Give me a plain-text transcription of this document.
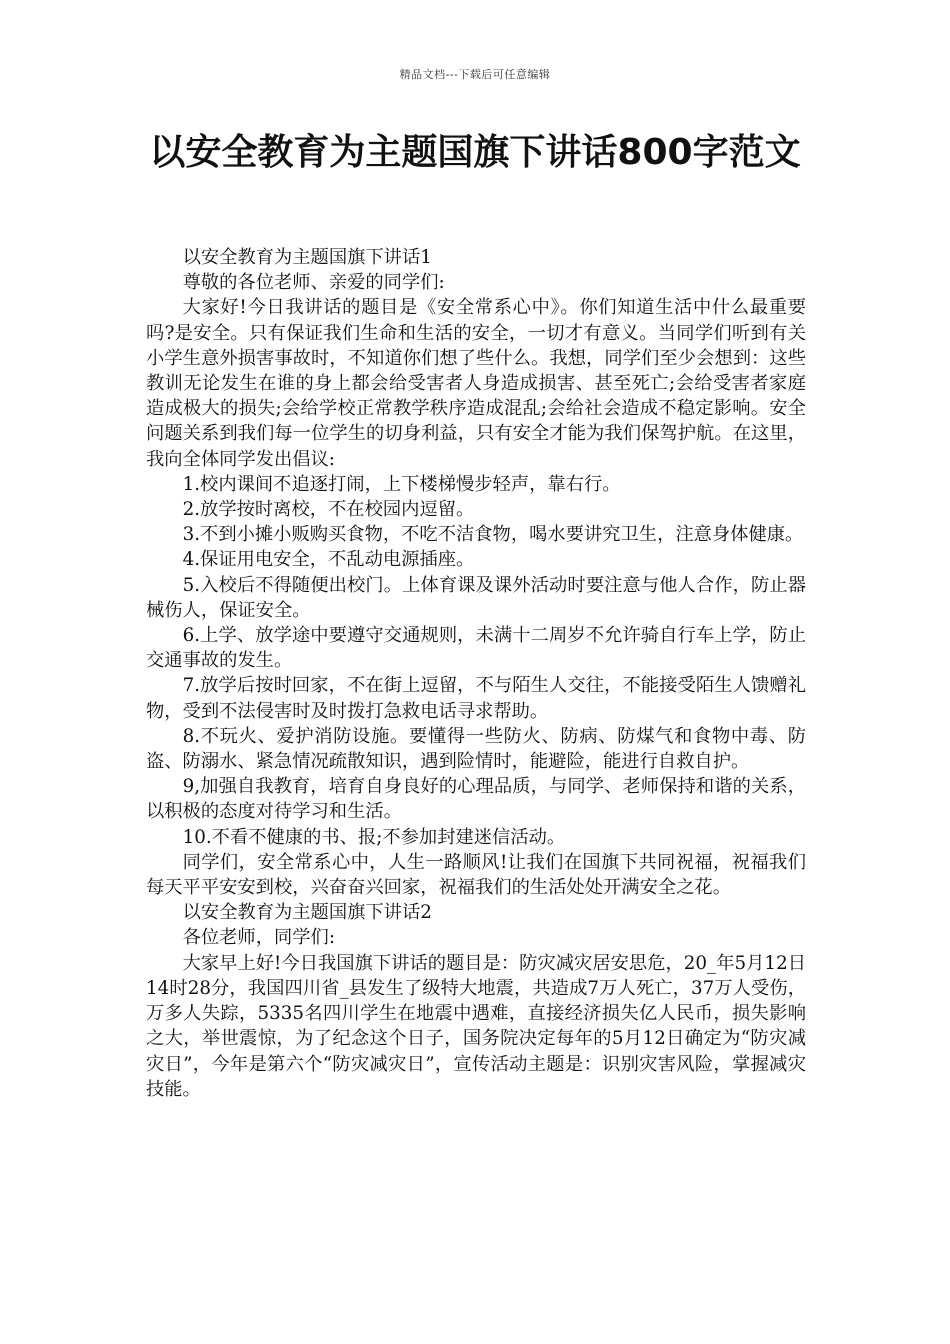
精品文档---下载后可任意编辑
以安全教育为主题国旗下讲话800字范文

以安全教育为主题国旗下讲话1

尊敬的各位老师、亲爱的同学们:

大家好!今日我讲话的题目是《安全常系心中》。你们知道生活中什么最重要吗?是安全。只有保证我们生命和生活的安全，一切才有意义。当同学们听到有关小学生意外损害事故时，不知道你们想了些什么。我想，同学们至少会想到：这些教训无论发生在谁的身上都会给受害者人身造成损害、甚至死亡;会给受害者家庭造成极大的损失;会给学校正常教学秩序造成混乱;会给社会造成不稳定影响。安全问题关系到我们每一位学生的切身利益，只有安全才能为我们保驾护航。在这里，我向全体同学发出倡议:

1.校内课间不追逐打闹，上下楼梯慢步轻声，靠右行。

2.放学按时离校，不在校园内逗留。

3.不到小摊小贩购买食物，不吃不洁食物，喝水要讲究卫生，注意身体健康。

4.保证用电安全，不乱动电源插座。

5.入校后不得随便出校门。上体育课及课外活动时要注意与他人合作，防止器械伤人，保证安全。

6.上学、放学途中要遵守交通规则，未满十二周岁不允许骑自行车上学，防止交通事故的发生。

7.放学后按时回家，不在街上逗留，不与陌生人交往，不能接受陌生人馈赠礼物，受到不法侵害时及时拨打急救电话寻求帮助。

8.不玩火、爱护消防设施。要懂得一些防火、防病、防煤气和食物中毒、防盗、防溺水、紧急情况疏散知识，遇到险情时，能避险，能进行自救自护。

9,加强自我教育，培育自身良好的心理品质，与同学、老师保持和谐的关系，以积极的态度对待学习和生活。

10.不看不健康的书、报;不参加封建迷信活动。

同学们，安全常系心中，人生一路顺风!让我们在国旗下共同祝福，祝福我们每天平平安安到校，兴奋奋兴回家，祝福我们的生活处处开满安全之花。

以安全教育为主题国旗下讲话2

各位老师，同学们:

大家早上好!今日我国旗下讲话的题目是：防灾减灾居安思危，20_年5月12日14时28分，我国四川省_县发生了级特大地震，共造成7万人死亡，37万人受伤，万多人失踪，5335名四川学生在地震中遇难，直接经济损失亿人民币，损失影响之大，举世震惊，为了纪念这个日子，国务院决定每年的5月12日确定为“防灾减灾日”，今年是第六个“防灾减灾日”，宣传活动主题是：识别灾害风险，掌握减灾技能。
